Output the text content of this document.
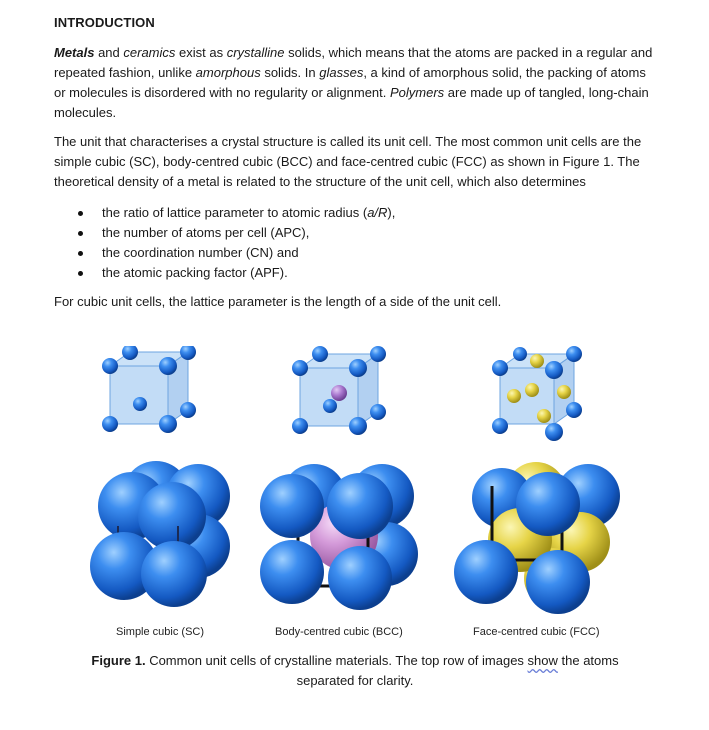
INTRODUCTION

Metals and ceramics exist as crystalline solids, which means that the atoms are packed in a regular and repeated fashion, unlike amorphous solids. In glasses, a kind of amorphous solid, the packing of atoms or molecules is disordered with no regularity or alignment. Polymers are made up of tangled, long-chain molecules.

The unit that characterises a crystal structure is called its unit cell. The most common unit cells are the simple cubic (SC), body-centred cubic (BCC) and face-centred cubic (FCC) as shown in Figure 1. The theoretical density of a metal is related to the structure of the unit cell, which also determines

the ratio of lattice parameter to atomic radius (a/R),
the number of atoms per cell (APC),
the coordination number (CN) and
the atomic packing factor (APF).

For cubic unit cells, the lattice parameter is the length of a side of the unit cell.

Simple cubic (SC)	Body-centred cubic (BCC)	Face-centred cubic (FCC)
Figure 1. Common unit cells of crystalline materials. The top row of images show the atoms separated for clarity.
